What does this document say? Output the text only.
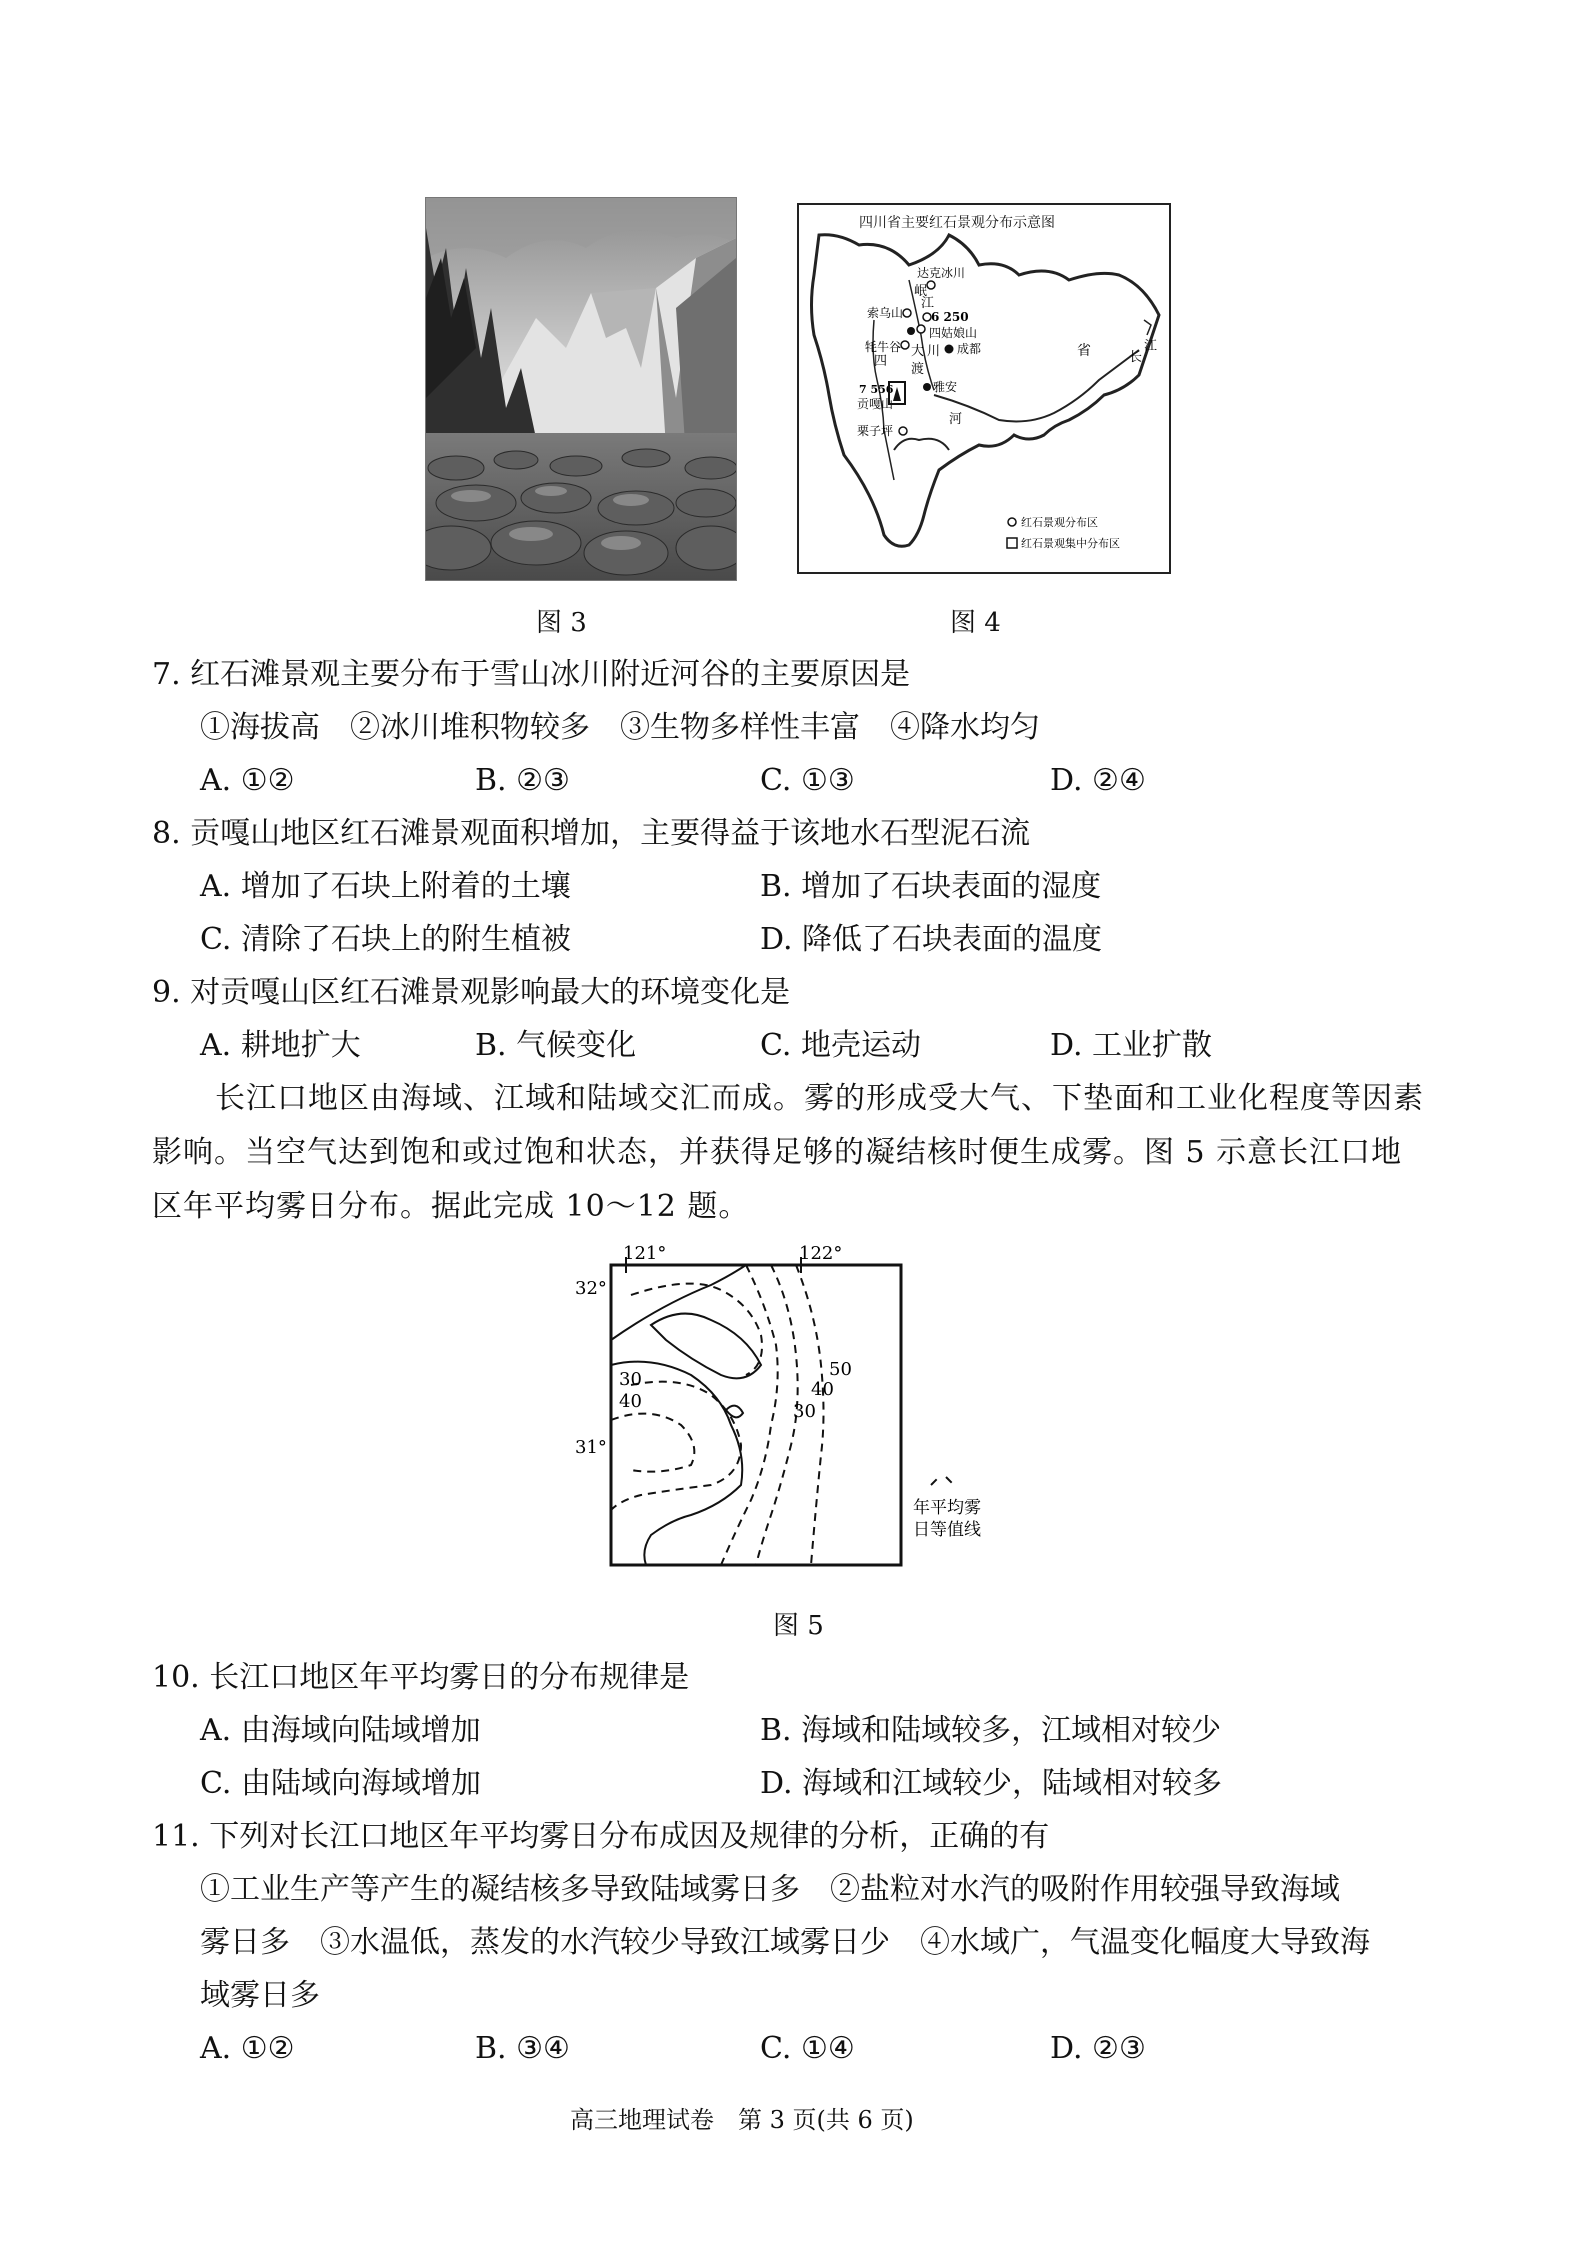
四川省主要红石景观分布示意图
达克冰川
索乌山 6 250
四姑娘山
牦牛谷	成都
大 川
四
7 556
贡嘎山
雅安
渡
河
岷
江
栗子坪
省	长
江
红石景观分布区
红石景观集中分布区
图 3	图 4
7. 红石滩景观主要分布于雪山冰川附近河谷的主要原因是
①海拔高　②冰川堆积物较多　③生物多样性丰富　④降水均匀
A. ①②	B. ②③	C. ①③	D. ②④
8. 贡嘎山地区红石滩景观面积增加，主要得益于该地水石型泥石流
A. 增加了石块上附着的土壤	B. 增加了石块表面的湿度
C. 清除了石块上的附生植被	D. 降低了石块表面的温度
9. 对贡嘎山区红石滩景观影响最大的环境变化是
A. 耕地扩大	B. 气候变化	C. 地壳运动	D. 工业扩散
长江口地区由海域、江域和陆域交汇而成。雾的形成受大气、下垫面和工业化程度等因素
影响。当空气达到饱和或过饱和状态，并获得足够的凝结核时便生成雾。图 5 示意长江口地
区年平均雾日分布。据此完成 10～12 题。
121°	122°
32°
31°
30
40
50
40
30
年平均雾
日等值线
图 5
10. 长江口地区年平均雾日的分布规律是
A. 由海域向陆域增加	B. 海域和陆域较多，江域相对较少
C. 由陆域向海域增加	D. 海域和江域较少，陆域相对较多
11. 下列对长江口地区年平均雾日分布成因及规律的分析，正确的有
①工业生产等产生的凝结核多导致陆域雾日多　②盐粒对水汽的吸附作用较强导致海域
雾日多　③水温低，蒸发的水汽较少导致江域雾日少　④水域广，气温变化幅度大导致海
域雾日多
A. ①②	B. ③④	C. ①④	D. ②③
高三地理试卷　第 3 页(共 6 页)
